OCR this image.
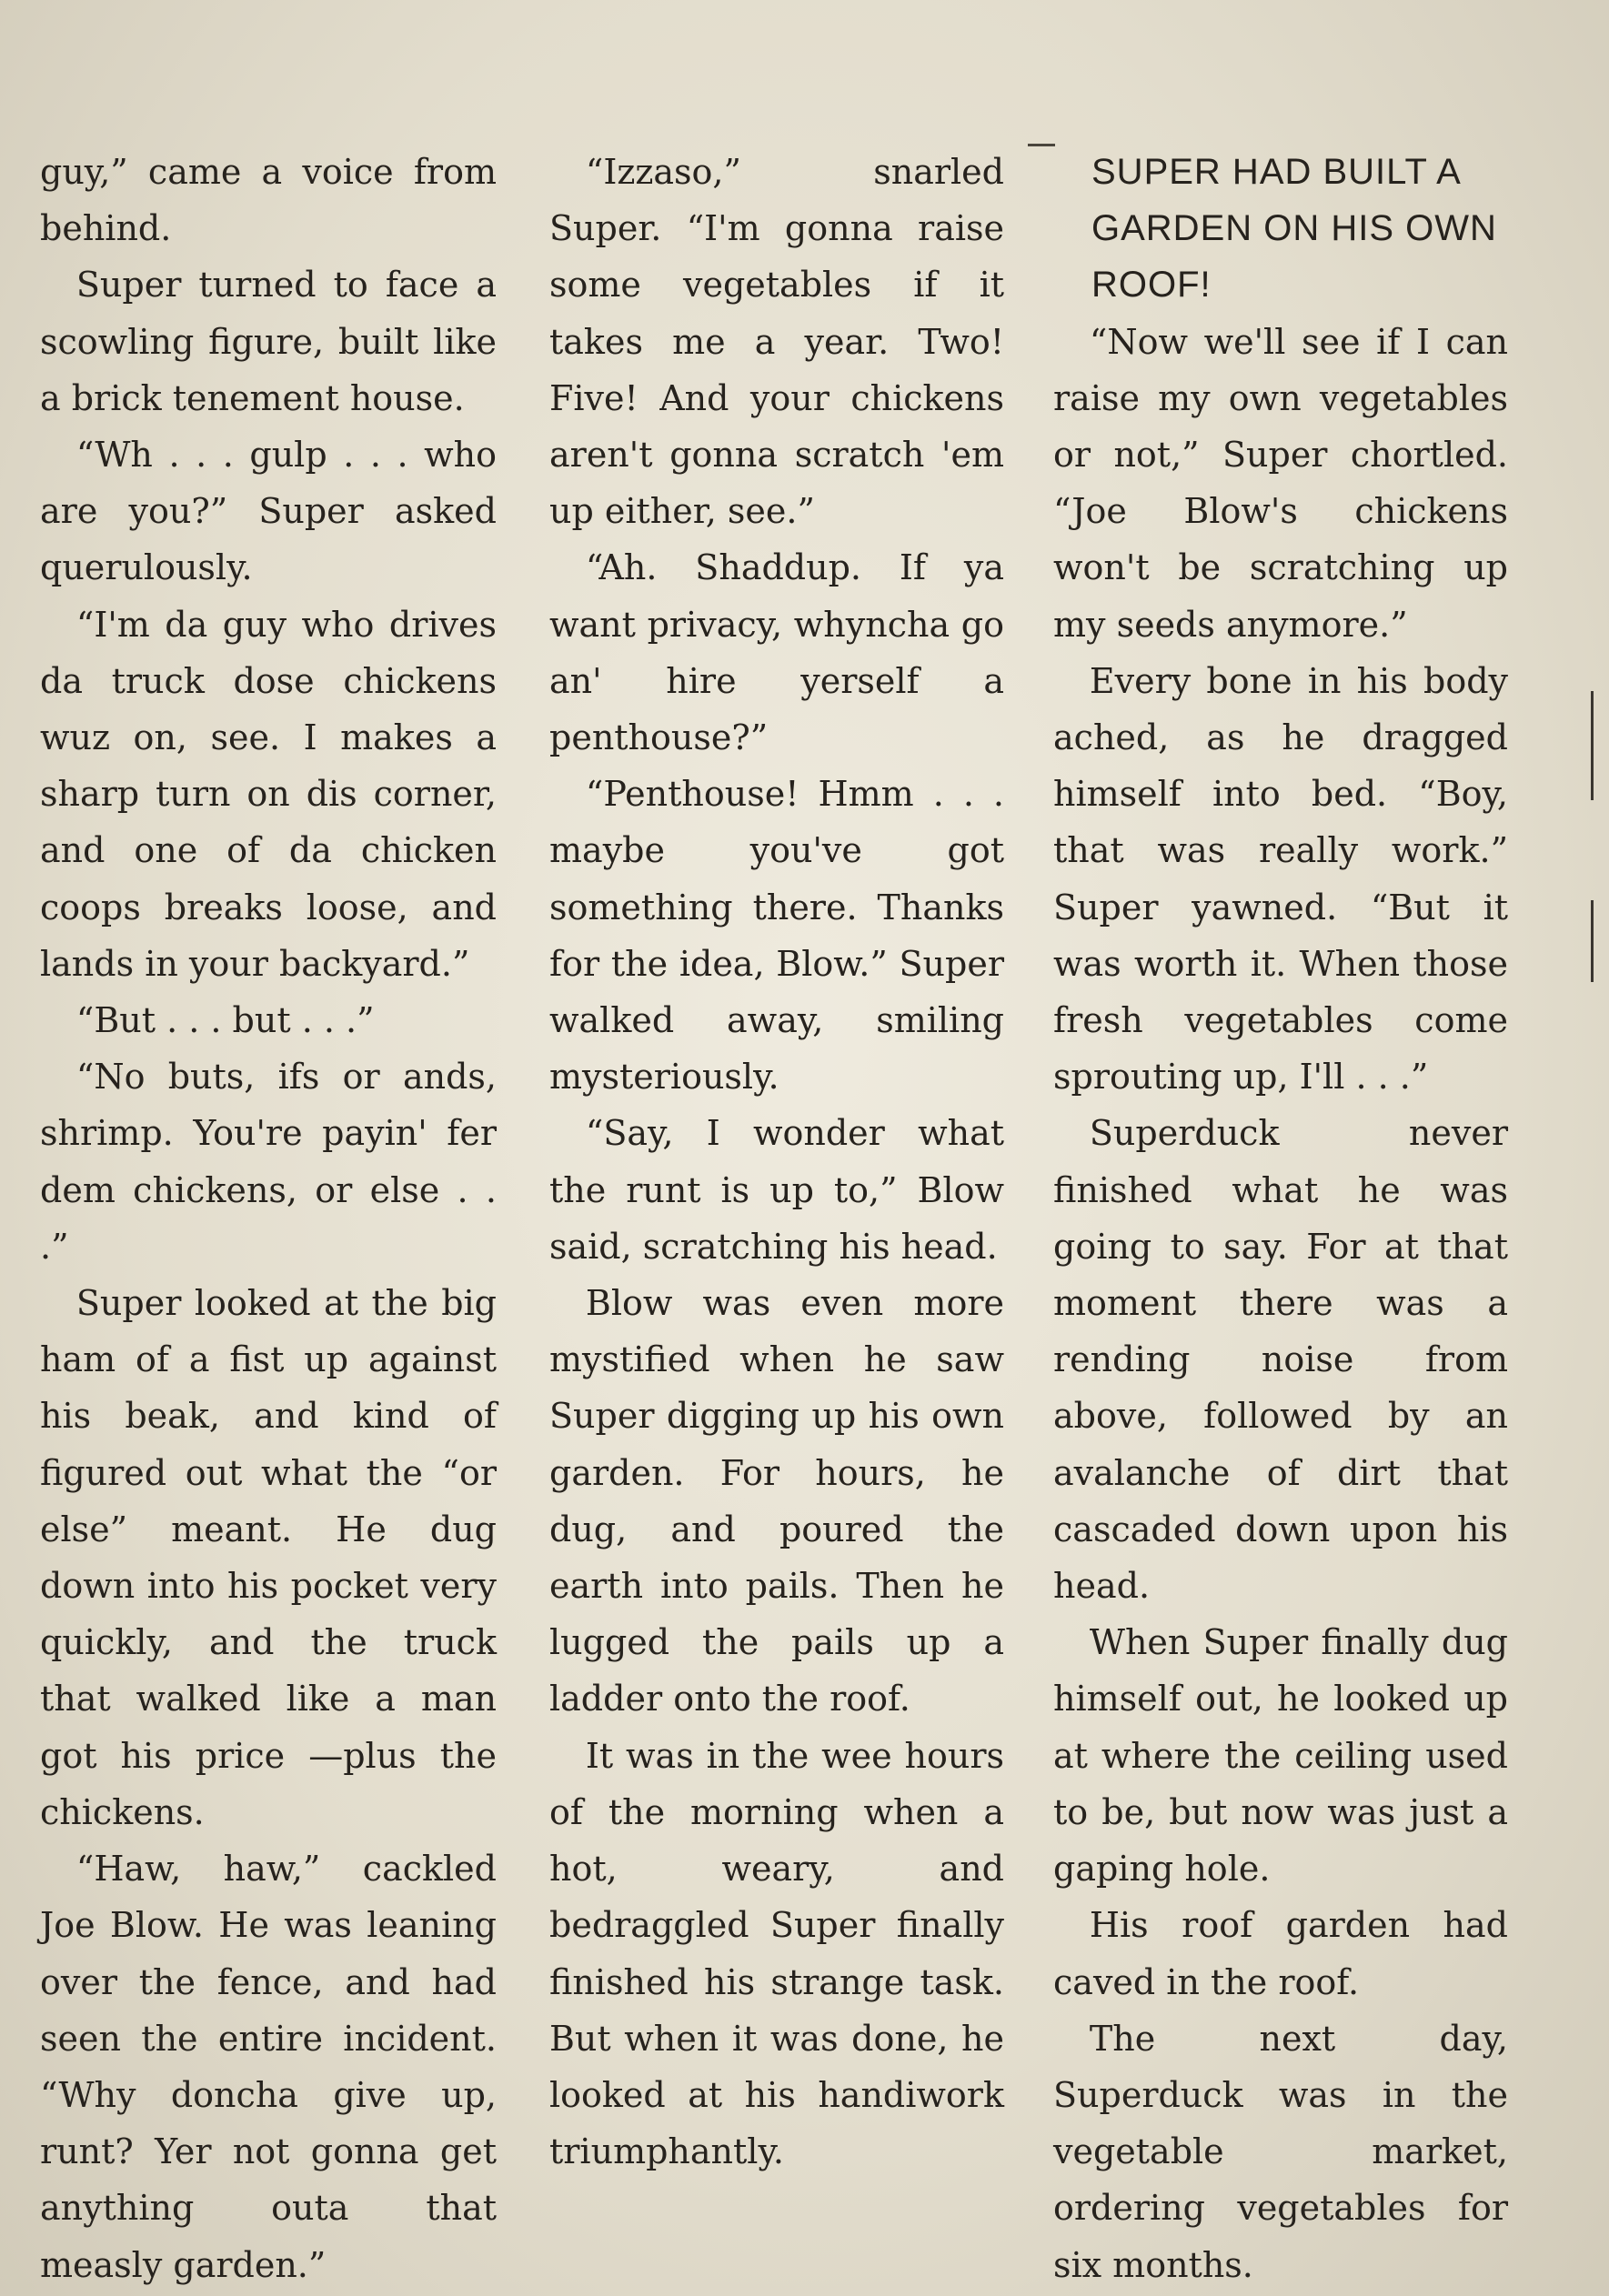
guy,” came a voice from behind.

Super turned to face a scowling figure, built like a brick tenement house.

“Wh . . . gulp . . . who are you?” Super asked querulously.

“I'm da guy who drives da truck dose chickens wuz on, see. I makes a sharp turn on dis corner, and one of da chicken coops breaks loose, and lands in your backyard.”

“But . . . but . . .”

“No buts, ifs or ands, shrimp. You're payin' fer dem chickens, or else . . .”

Super looked at the big ham of a fist up against his beak, and kind of figured out what the “or else” meant. He dug down into his pocket very quickly, and the truck that walked like a man got his price —plus the chickens.

“Haw, haw,” cackled Joe Blow. He was leaning over the fence, and had seen the entire incident. “Why doncha give up, runt? Yer not gonna get anything outa that measly garden.”

“Izzaso,” snarled Super. “I'm gonna raise some vegetables if it takes me a year. Two! Five! And your chickens aren't gonna scratch 'em up either, see.”

“Ah. Shaddup. If ya want privacy, whyncha go an' hire yerself a penthouse?”

“Penthouse! Hmm . . . maybe you've got something there. Thanks for the idea, Blow.” Super walked away, smiling mysteriously.

“Say, I wonder what the runt is up to,” Blow said, scratching his head.

Blow was even more mystified when he saw Super digging up his own garden. For hours, he dug, and poured the earth into pails. Then he lugged the pails up a ladder onto the roof.

It was in the wee hours of the morning when a hot, weary, and bedraggled Super finally finished his strange task. But when it was done, he looked at his handiwork triumphantly.

SUPER HAD BUILT A
GARDEN ON HIS OWN
ROOF!

“Now we'll see if I can raise my own vegetables or not,” Super chortled. “Joe Blow's chickens won't be scratching up my seeds anymore.”

Every bone in his body ached, as he dragged himself into bed. “Boy, that was really work.” Super yawned. “But it was worth it. When those fresh vegetables come sprouting up, I'll . . .”

Superduck never finished what he was going to say. For at that moment there was a rending noise from above, followed by an avalanche of dirt that cascaded down upon his head.

When Super finally dug himself out, he looked up at where the ceiling used to be, but now was just a gaping hole.

His roof garden had caved in the roof.

The next day, Superduck was in the vegetable market, ordering vegetables for six months.
